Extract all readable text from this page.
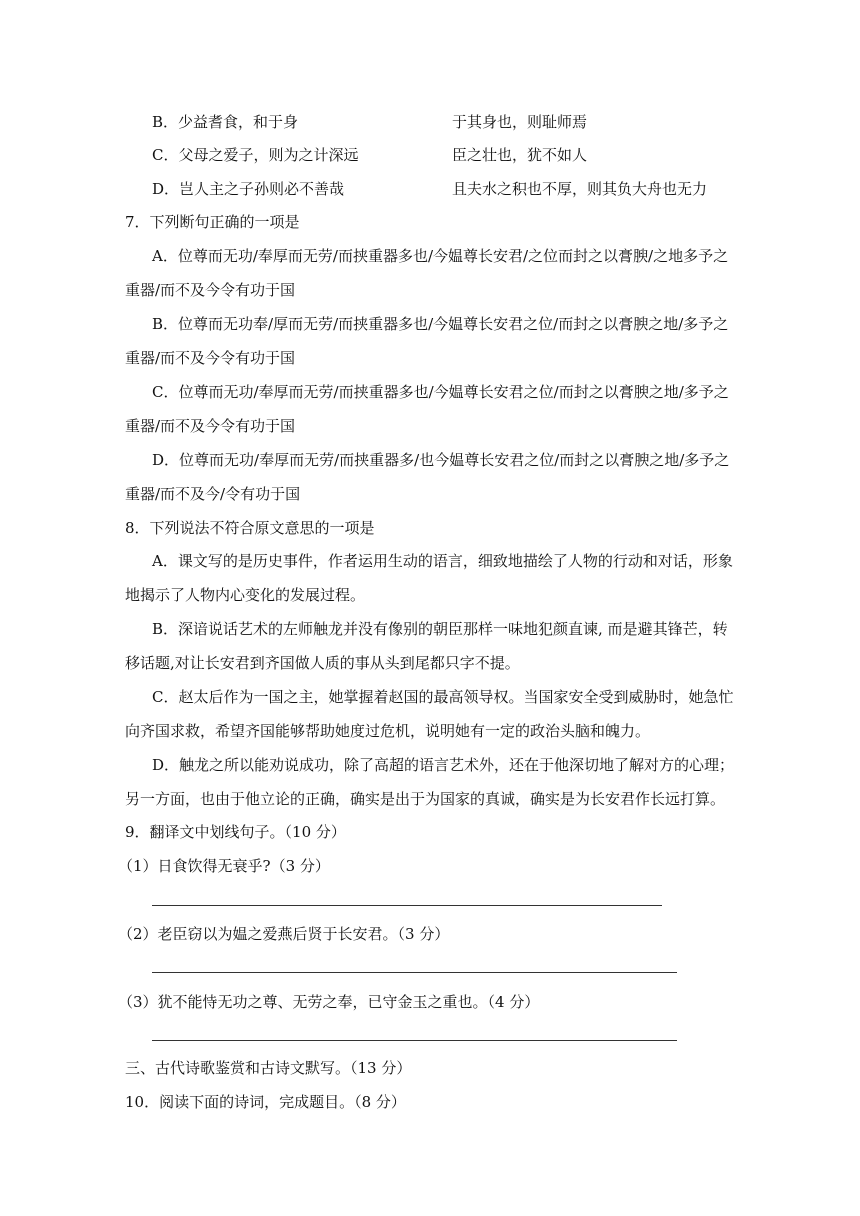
B．少益耆食，和于身	于其身也，则耻师焉
C．父母之爱子，则为之计深远	臣之壮也，犹不如人
D．岂人主之子孙则必不善哉	且夫水之积也不厚，则其负大舟也无力
7．下列断句正确的一项是
A．位尊而无功/奉厚而无劳/而挟重器多也/今媪尊长安君/之位而封之以膏腴/之地多予之
重器/而不及今令有功于国
B．位尊而无功奉/厚而无劳/而挟重器多也/今媪尊长安君之位/而封之以膏腴之地/多予之
重器/而不及今令有功于国
C．位尊而无功/奉厚而无劳/而挟重器多也/今媪尊长安君之位/而封之以膏腴之地/多予之
重器/而不及今令有功于国
D．位尊而无功/奉厚而无劳/而挟重器多/也今媪尊长安君之位/而封之以膏腴之地/多予之
重器/而不及今/令有功于国
8．下列说法不符合原文意思的一项是
A．课文写的是历史事件，作者运用生动的语言，细致地描绘了人物的行动和对话，形象
地揭示了人物内心变化的发展过程。
B．深谙说话艺术的左师触龙并没有像别的朝臣那样一味地犯颜直谏, 而是避其锋芒，转
移话题,对让长安君到齐国做人质的事从头到尾都只字不提。
C．赵太后作为一国之主，她掌握着赵国的最高领导权。当国家安全受到威胁时，她急忙
向齐国求救，希望齐国能够帮助她度过危机，说明她有一定的政治头脑和魄力。
D．触龙之所以能劝说成功，除了高超的语言艺术外，还在于他深切地了解对方的心理；
另一方面，也由于他立论的正确，确实是出于为国家的真诚，确实是为长安君作长远打算。
9．翻译文中划线句子。（10 分）
（1）日食饮得无衰乎?（3 分）
（2）老臣窃以为媪之爱燕后贤于长安君。（3 分）
（3）犹不能恃无功之尊、无劳之奉，已守金玉之重也。（4 分）
三、古代诗歌鉴赏和古诗文默写。（13 分）
10．阅读下面的诗词，完成题目。（8 分）
